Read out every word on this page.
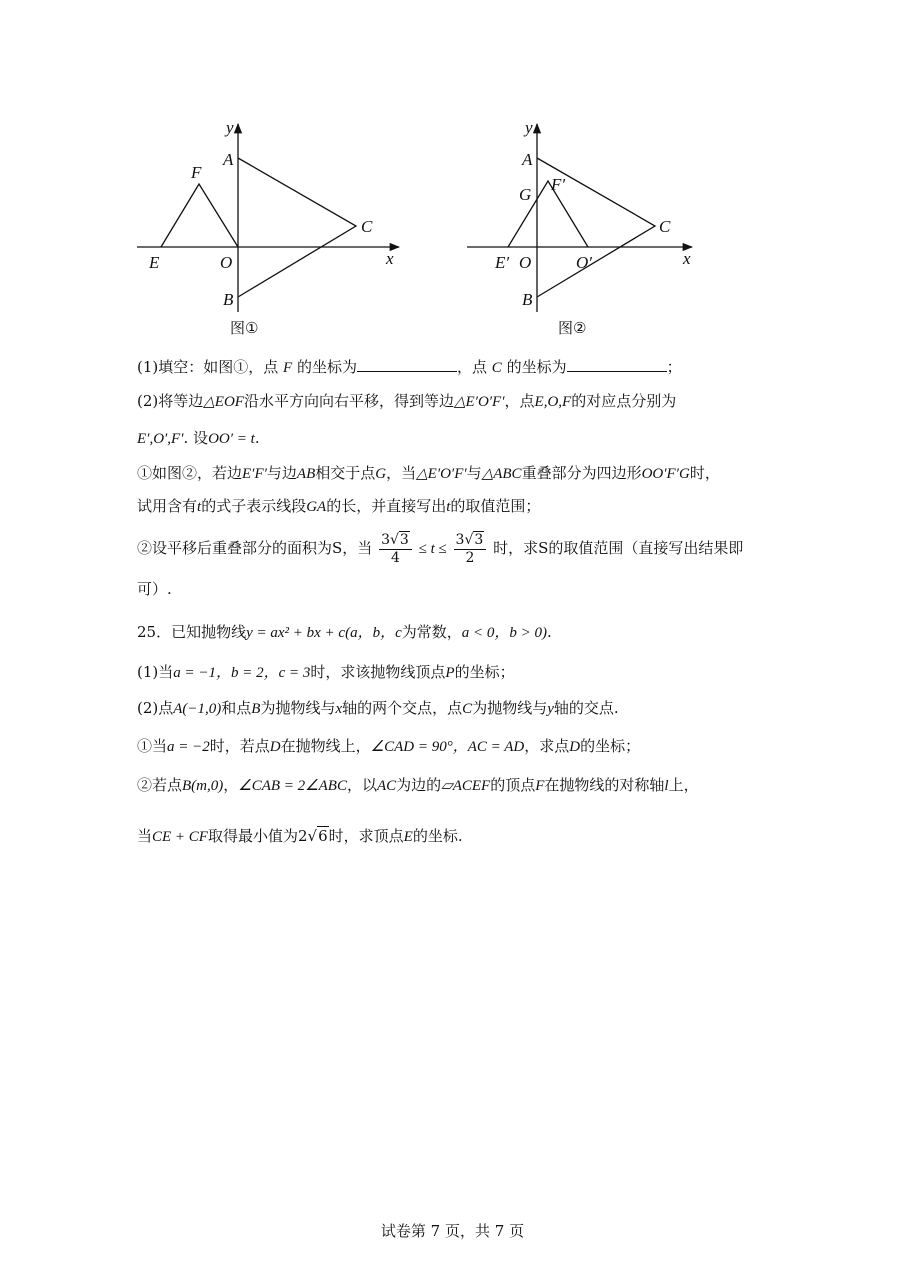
y
x
A
B
C
E
F
O
图①
y
x
A
B
C
E′
F′
G
O	O′
图②
(1)填空：如图①，点 F 的坐标为	，点 C 的坐标为	；
(2)将等边△EOF沿水平方向向右平移，得到等边△E′O′F′，点E,O,F的对应点分别为
E′,O′,F′. 设OO′ = t.
①如图②，若边E′F′与边AB相交于点G，当△E′O′F′与△ABC重叠部分为四边形OO′F′G时，
试用含有t的式子表示线段GA的长，并直接写出t的取值范围；
②设平移后重叠部分的面积为S，当 $\frac{3√3}{4} \le t \le \frac{3√3}{2}$ 时，求S的取值范围（直接写出结果即
可）.
25．已知抛物线y = ax² + bx + c(a，b，c为常数，a < 0，b > 0).
(1)当a = −1，b = 2，c = 3时，求该抛物线顶点P的坐标；
(2)点A(−1,0)和点B为抛物线与x轴的两个交点，点C为抛物线与y轴的交点.
①当a = −2时，若点D在抛物线上，∠CAD = 90°，AC = AD，求点D的坐标；
②若点B(m,0)，∠CAB = 2∠ABC，以AC为边的▱ACEF的顶点F在抛物线的对称轴l上，
当CE + CF取得最小值为2√6时，求顶点E的坐标.
试卷第 7 页，共 7 页
